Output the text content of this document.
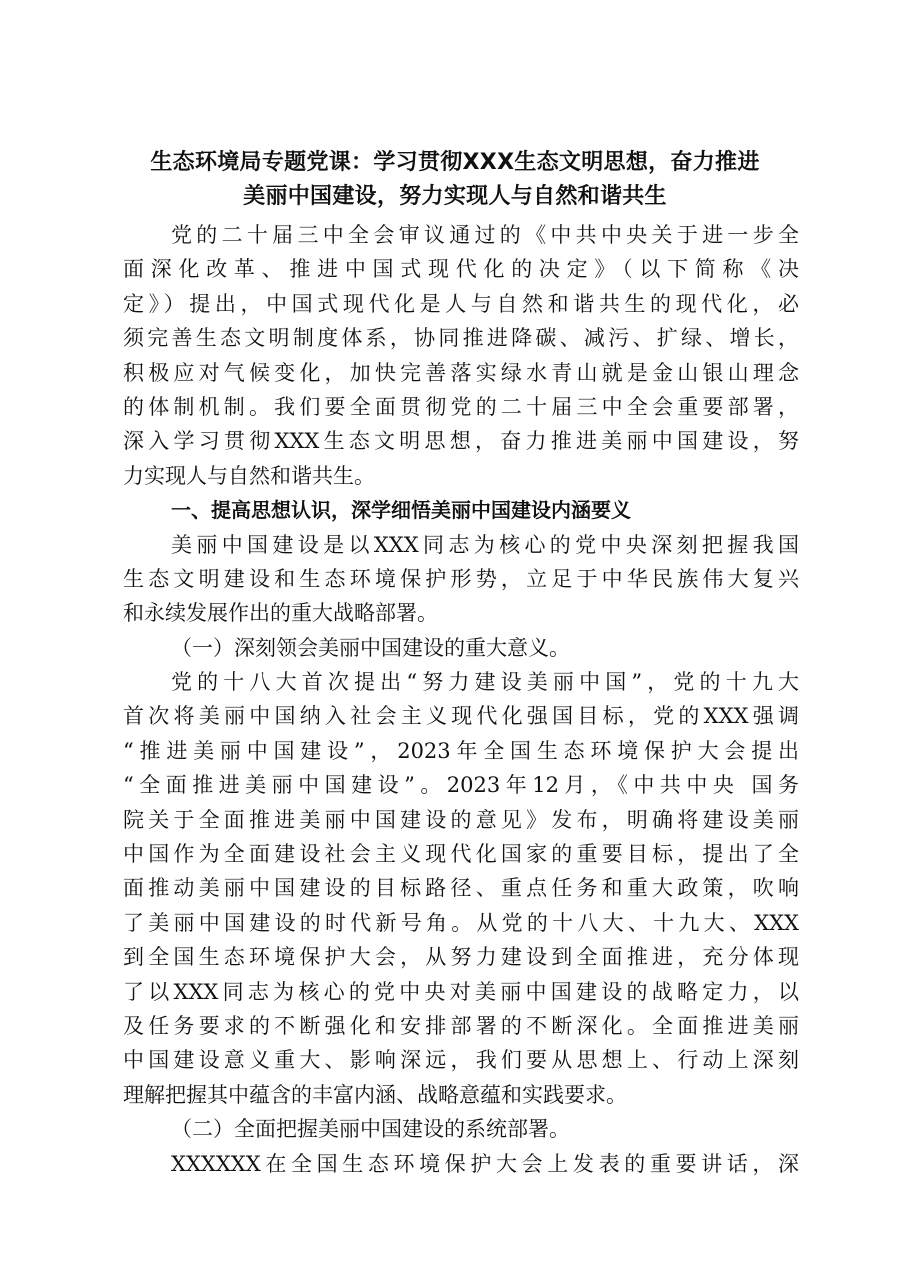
生态环境局专题党课：学习贯彻XXX生态文明思想，奋力推进
美丽中国建设，努力实现人与自然和谐共生
党的二十届三中全会审议通过的《中共中央关于进一步全
面深化改革、推进中国式现代化的决定》（以下简称《决
定》）提出，中国式现代化是人与自然和谐共生的现代化，必
须完善生态文明制度体系，协同推进降碳、减污、扩绿、增长，
积极应对气候变化，加快完善落实绿水青山就是金山银山理念
的体制机制。我们要全面贯彻党的二十届三中全会重要部署，
深入学习贯彻XXX生态文明思想，奋力推进美丽中国建设，努
力实现人与自然和谐共生。
一、提高思想认识，深学细悟美丽中国建设内涵要义
美丽中国建设是以XXX同志为核心的党中央深刻把握我国
生态文明建设和生态环境保护形势，立足于中华民族伟大复兴
和永续发展作出的重大战略部署。
（一）深刻领会美丽中国建设的重大意义。
党的十八大首次提出“努力建设美丽中国”，党的十九大
首次将美丽中国纳入社会主义现代化强国目标，党的XXX强调
“推进美丽中国建设”，2023年全国生态环境保护大会提出
“全面推进美丽中国建设”。2023年12月，《中共中央 国务
院关于全面推进美丽中国建设的意见》发布，明确将建设美丽
中国作为全面建设社会主义现代化国家的重要目标，提出了全
面推动美丽中国建设的目标路径、重点任务和重大政策，吹响
了美丽中国建设的时代新号角。从党的十八大、十九大、XXX
到全国生态环境保护大会，从努力建设到全面推进，充分体现
了以XXX同志为核心的党中央对美丽中国建设的战略定力，以
及任务要求的不断强化和安排部署的不断深化。全面推进美丽
中国建设意义重大、影响深远，我们要从思想上、行动上深刻
理解把握其中蕴含的丰富内涵、战略意蕴和实践要求。
（二）全面把握美丽中国建设的系统部署。
XXXXXX在全国生态环境保护大会上发表的重要讲话，深
